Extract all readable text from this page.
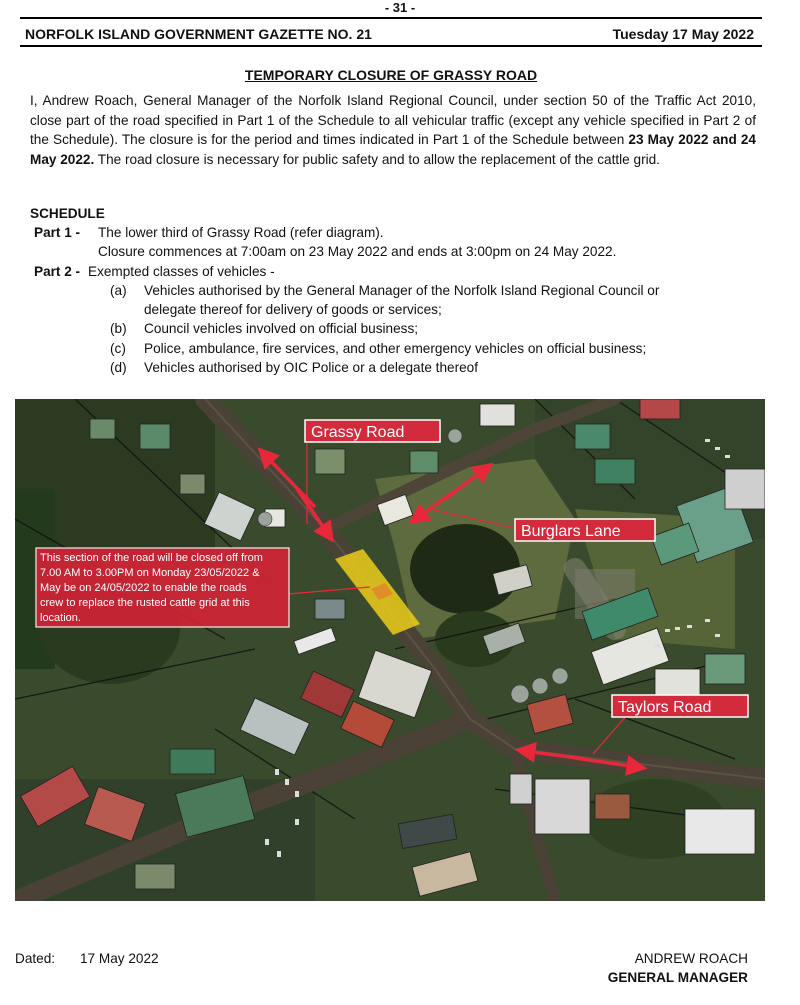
- 31 -
NORFOLK ISLAND GOVERNMENT GAZETTE NO. 21	Tuesday 17 May 2022
TEMPORARY CLOSURE OF GRASSY ROAD
I, Andrew Roach, General Manager of the Norfolk Island Regional Council, under section 50 of the Traffic Act 2010, close part of the road specified in Part 1 of the Schedule to all vehicular traffic (except any vehicle specified in Part 2 of the Schedule). The closure is for the period and times indicated in Part 1 of the Schedule between 23 May 2022 and 24 May 2022. The road closure is necessary for public safety and to allow the replacement of the cattle grid.
SCHEDULE
Part 1 - The lower third of Grassy Road (refer diagram).
Closure commences at 7:00am on 23 May 2022 and ends at 3:00pm on 24 May 2022.
Part 2 - Exempted classes of vehicles -
(a) Vehicles authorised by the General Manager of the Norfolk Island Regional Council or
delegate thereof for delivery of goods or services;
(b) Council vehicles involved on official business;
(c) Police, ambulance, fire services, and other emergency vehicles on official business;
(d) Vehicles authorised by OIC Police or a delegate thereof
Grassy Road
Burglars Lane
Taylors Road
This section of the road will be closed off from
7.00 AM to 3.00PM on Monday 23/05/2022 &
May be on 24/05/2022 to enable the roads
crew to replace the rusted cattle grid at this
location.
Dated: 17 May 2022	ANDREW ROACH
GENERAL MANAGER
